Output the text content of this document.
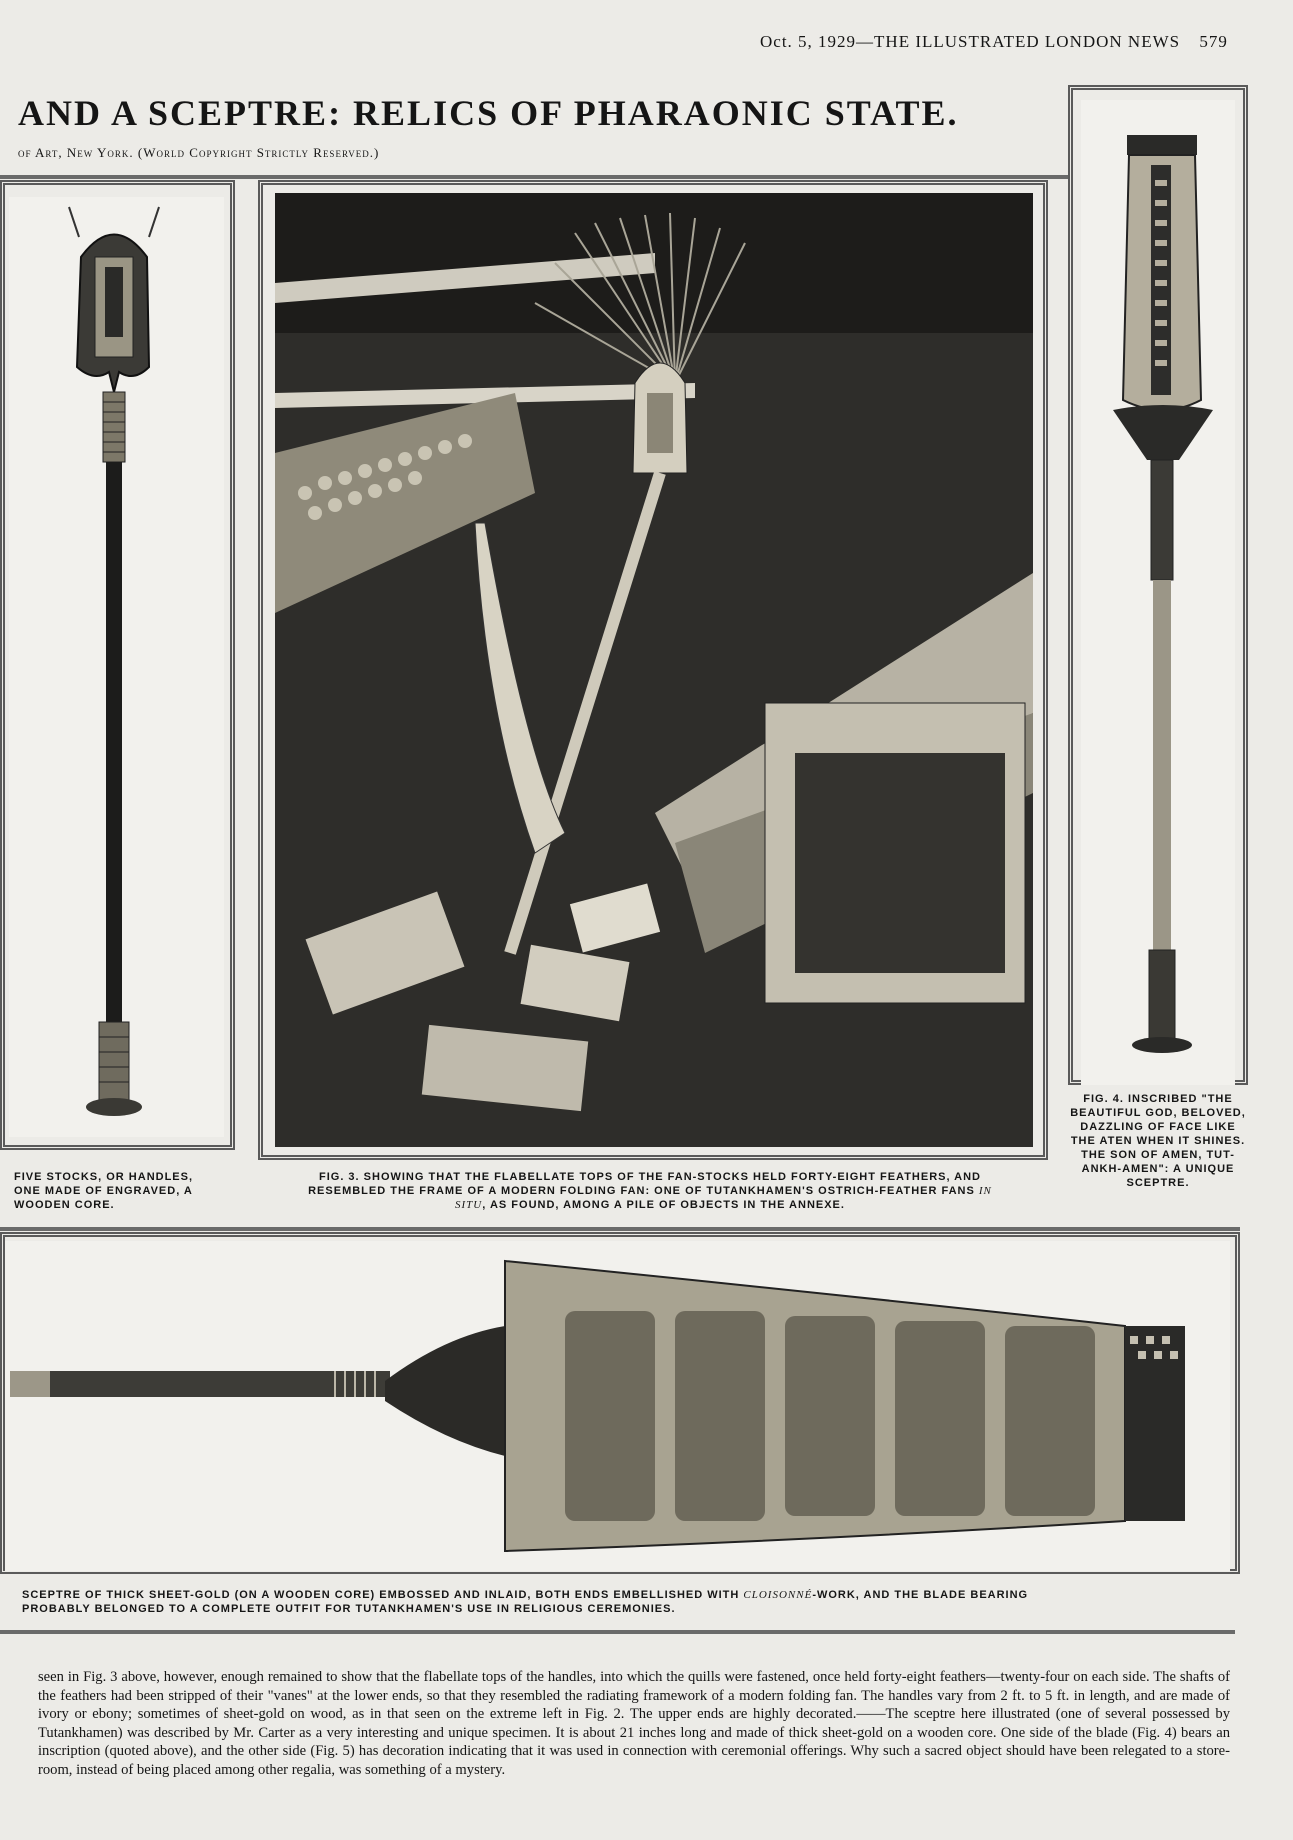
Oct. 5, 1929—THE ILLUSTRATED LONDON NEWS 579
AND A SCEPTRE: RELICS OF PHARAONIC STATE.
of Art, New York. (World Copyright Strictly Reserved.)
FIVE STOCKS, OR HANDLES, ONE MADE OF ENGRAVED, A WOODEN CORE.
FIG. 3. SHOWING THAT THE FLABELLATE TOPS OF THE FAN-STOCKS HELD FORTY-EIGHT FEATHERS, AND RESEMBLED THE FRAME OF A MODERN FOLDING FAN: ONE OF TUTANKHAMEN'S OSTRICH-FEATHER FANS IN SITU, AS FOUND, AMONG A PILE OF OBJECTS IN THE ANNEXE.
FIG. 4. INSCRIBED "THE BEAUTIFUL GOD, BELOVED, DAZZLING OF FACE LIKE THE ATEN WHEN IT SHINES. THE SON OF AMEN, TUT-ANKH-AMEN": A UNIQUE SCEPTRE.
SCEPTRE OF THICK SHEET-GOLD (ON A WOODEN CORE) EMBOSSED AND INLAID, BOTH ENDS EMBELLISHED WITH CLOISONNÉ-WORK, AND THE BLADE BEARING
PROBABLY BELONGED TO A COMPLETE OUTFIT FOR TUTANKHAMEN'S USE IN RELIGIOUS CEREMONIES.
seen in Fig. 3 above, however, enough remained to show that the flabellate tops of the handles, into which the quills were fastened, once held forty-eight feathers—twenty-four on each side. The shafts of the feathers had been stripped of their "vanes" at the lower ends, so that they resembled the radiating framework of a modern folding fan. The handles vary from 2 ft. to 5 ft. in length, and are made of ivory or ebony; sometimes of sheet-gold on wood, as in that seen on the extreme left in Fig. 2. The upper ends are highly decorated.——The sceptre here illustrated (one of several possessed by Tutankhamen) was described by Mr. Carter as a very interesting and unique specimen. It is about 21 inches long and made of thick sheet-gold on a wooden core. One side of the blade (Fig. 4) bears an inscription (quoted above), and the other side (Fig. 5) has decoration indicating that it was used in connection with ceremonial offerings. Why such a sacred object should have been relegated to a store-room, instead of being placed among other regalia, was something of a mystery.
